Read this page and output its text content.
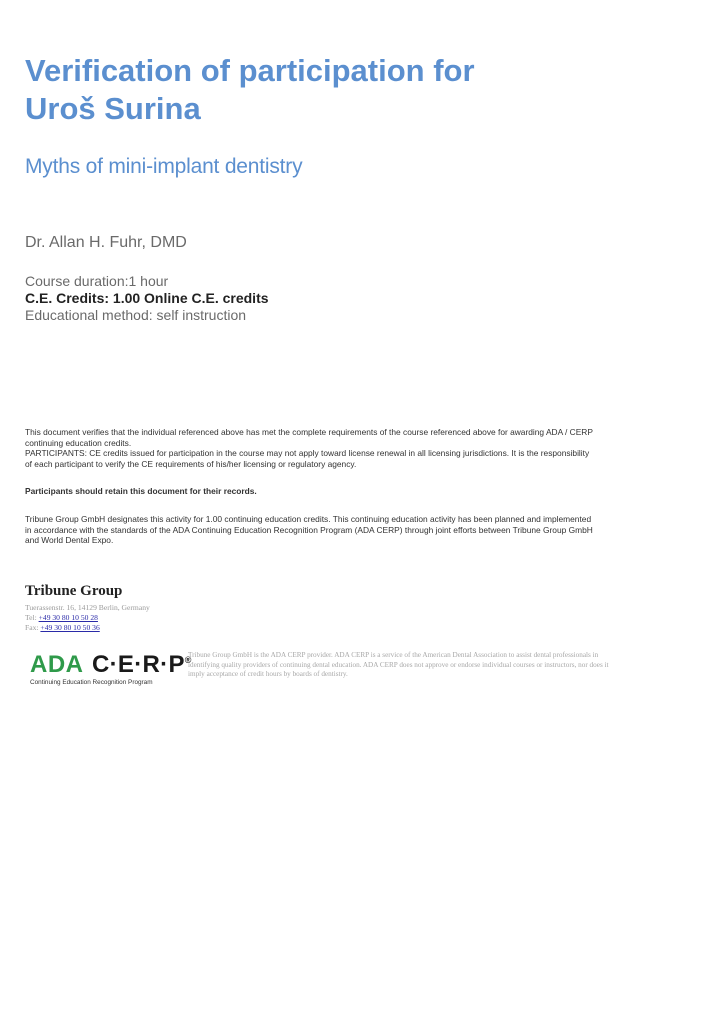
Verification of participation for
Uroš Surina
Myths of mini-implant dentistry
Dr. Allan H. Fuhr, DMD
Course duration:1 hour
C.E. Credits: 1.00 Online C.E. credits
Educational method: self instruction
This document verifies that the individual referenced above has met the complete requirements of the course referenced above for awarding ADA / CERP
continuing education credits.
PARTICIPANTS: CE credits issued for participation in the course may not apply toward license renewal in all licensing jurisdictions. It is the responsibility
of each participant to verify the CE requirements of his/her licensing or regulatory agency.
Participants should retain this document for their records.
Tribune Group GmbH designates this activity for 1.00 continuing education credits. This continuing education activity has been planned and implemented
in accordance with the standards of the ADA Continuing Education Recognition Program (ADA CERP) through joint efforts between Tribune Group GmbH
and World Dental Expo.
Tribune Group
Tuerassenstr. 16, 14129 Berlin, Germany
Tel: +49 30 80 10 50 28
Fax: +49 30 80 10 50 36
ADA C·E·R·P®
Continuing Education Recognition Program
Tribune Group GmbH is the ADA CERP provider. ADA CERP is a service of the American Dental Association to assist dental professionals in
identifying quality providers of continuing dental education. ADA CERP does not approve or endorse individual courses or instructors, nor does it
imply acceptance of credit hours by boards of dentistry.
